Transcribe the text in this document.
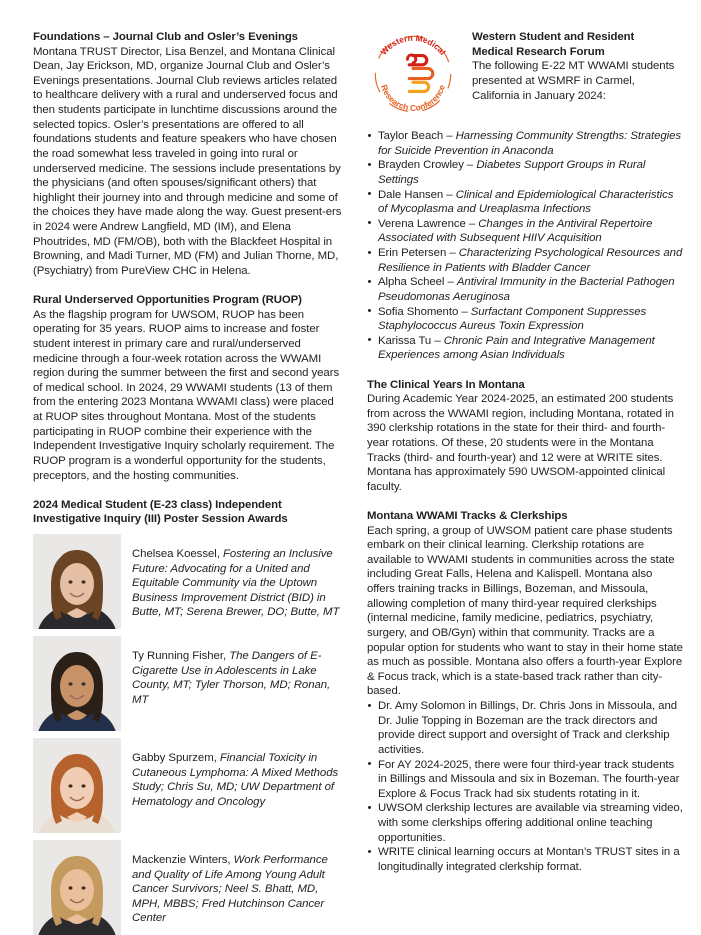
Foundations – Journal Club and Osler’s Evenings

Montana TRUST Director, Lisa Benzel, and Montana Clinical Dean, Jay Erickson, MD, organize Journal Club and Osler’s Evenings presentations. Journal Club reviews articles related to healthcare delivery with a rural and underserved focus and then students participate in lunchtime discussions around the selected topics. Osler’s presentations are offered to all foundations students and feature speakers who have chosen the road somewhat less traveled in going into rural or underserved medicine. The sessions include presentations by the physicians (and often spouses/significant others) that highlight their journey into and through medicine and some of the choices they have made along the way. Guest present-ers in 2024 were Andrew Langfield, MD (IM), and Elena Phoutrides, MD (FM/OB), both with the Blackfeet Hospital in Browning, and Madi Turner, MD (FM) and Julian Thorne, MD, (Psychiatry) from PureView CHC in Helena.

Rural Underserved Opportunities Program (RUOP)

As the flagship program for UWSOM, RUOP has been operating for 35 years. RUOP aims to increase and foster student interest in primary care and rural/underserved medicine through a four-week rotation across the WWAMI region during the summer between the first and second years of medical school. In 2024, 29 WWAMI students (13 of them from the entering 2023 Montana WWAMI class) were placed at RUOP sites throughout Montana. Most of the students participating in RUOP combine their experience with the Independent Investigative Inquiry scholarly requirement. The RUOP program is a wonderful opportunity for the students, preceptors, and the hosting communities.

2024 Medical Student (E-23 class) Independent Investigative Inquiry (III) Poster Session Awards
Chelsea Koessel, Fostering an Inclusive Future: Advocating for a United and Equitable Community via the Uptown Business Improvement District (BID) in Butte, MT; Serena Brewer, DO; Butte, MT
Ty Running Fisher, The Dangers of E-Cigarette Use in Adolescents in Lake County, MT; Tyler Thorson, MD; Ronan, MT
Gabby Spurzem, Financial Toxicity in Cutaneous Lymphoma: A Mixed Methods Study; Chris Su, MD; UW Department of Hematology and Oncology
Mackenzie Winters, Work Performance and Quality of Life Among Young Adult Cancer Survivors; Neel S. Bhatt, MD, MPH, MBBS; Fred Hutchinson Cancer Center
Western Medical
Research Conference
Western Student and Resident
Medical Research Forum
The following E-22 MT WWAMI students presented at WSMRF in Carmel, California in January 2024:
• Taylor Beach – Harnessing Community Strengths: Strategies for Suicide Prevention in Anaconda
• Brayden Crowley – Diabetes Support Groups in Rural Settings
• Dale Hansen – Clinical and Epidemiological Characteristics of Mycoplasma and Ureaplasma Infections
• Verena Lawrence – Changes in the Antiviral Repertoire Associated with Subsequent HIIV Acquisition
• Erin Petersen – Characterizing Psychological Resources and Resilience in Patients with Bladder Cancer
• Alpha Scheel – Antiviral Immunity in the Bacterial Pathogen Pseudomonas Aeruginosa
• Sofia Shomento – Surfactant Component Suppresses Staphylococcus Aureus Toxin Expression
• Karissa Tu – Chronic Pain and Integrative Management Experiences among Asian Individuals
The Clinical Years In Montana

During Academic Year 2024-2025, an estimated 200 students from across the WWAMI region, including Montana, rotated in 390 clerkship rotations in the state for their third- and fourth-year rotations. Of these, 20 students were in the Montana Tracks (third- and fourth-year) and 12 were at WRITE sites. Montana has approximately 590 UWSOM-appointed clinical faculty.

Montana WWAMI Tracks & Clerkships

Each spring, a group of UWSOM patient care phase students embark on their clinical learning. Clerkship rotations are available to WWAMI students in communities across the state including Great Falls, Helena and Kalispell. Montana also offers training tracks in Billings, Bozeman, and Missoula, allowing completion of many third-year required clerkships (internal medicine, family medicine, pediatrics, psychiatry, surgery, and OB/Gyn) within that community. Tracks are a popular option for students who want to stay in their home state as much as possible. Montana also offers a fourth-year Explore & Focus track, which is a state-based track rather than city-based.

• Dr. Amy Solomon in Billings, Dr. Chris Jons in Missoula, and Dr. Julie Topping in Bozeman are the track directors and provide direct support and oversight of Track and clerkship activities.
• For AY 2024-2025, there were four third-year track students in Billings and Missoula and six in Bozeman. The fourth-year Explore & Focus Track had six students rotating in it.
• UWSOM clerkship lectures are available via streaming video, with some clerkships offering additional online teaching opportunities.
• WRITE clinical learning occurs at Montan’s TRUST sites in a longitudinally integrated clerkship format.
